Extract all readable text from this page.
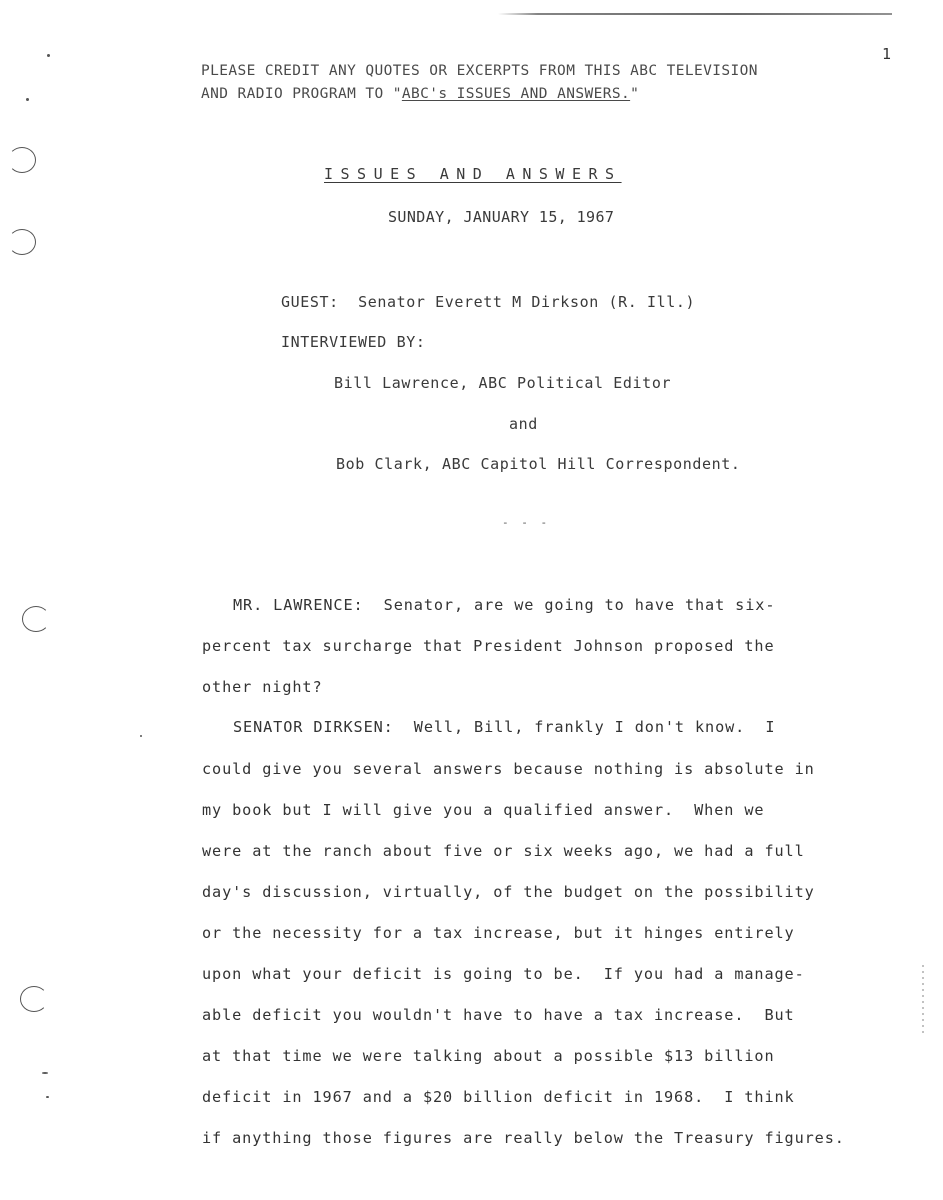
1
PLEASE CREDIT ANY QUOTES OR EXCERPTS FROM THIS ABC TELEVISION
AND RADIO PROGRAM TO "ABC's ISSUES AND ANSWERS."
ISSUES AND ANSWERS
SUNDAY, JANUARY 15, 1967
GUEST: Senator Everett M Dirkson (R. Ill.)
INTERVIEWED BY:
Bill Lawrence, ABC Political Editor
and
Bob Clark, ABC Capitol Hill Correspondent.
- - -
MR. LAWRENCE:  Senator, are we going to have that six-
percent tax surcharge that President Johnson proposed the
other night?
SENATOR DIRKSEN:  Well, Bill, frankly I don't know.  I
could give you several answers because nothing is absolute in
my book but I will give you a qualified answer.  When we
were at the ranch about five or six weeks ago, we had a full
day's discussion, virtually, of the budget on the possibility
or the necessity for a tax increase, but it hinges entirely
upon what your deficit is going to be.  If you had a manage-
able deficit you wouldn't have to have a tax increase.  But
at that time we were talking about a possible $13 billion
deficit in 1967 and a $20 billion deficit in 1968.  I think
if anything those figures are really below the Treasury figures.
